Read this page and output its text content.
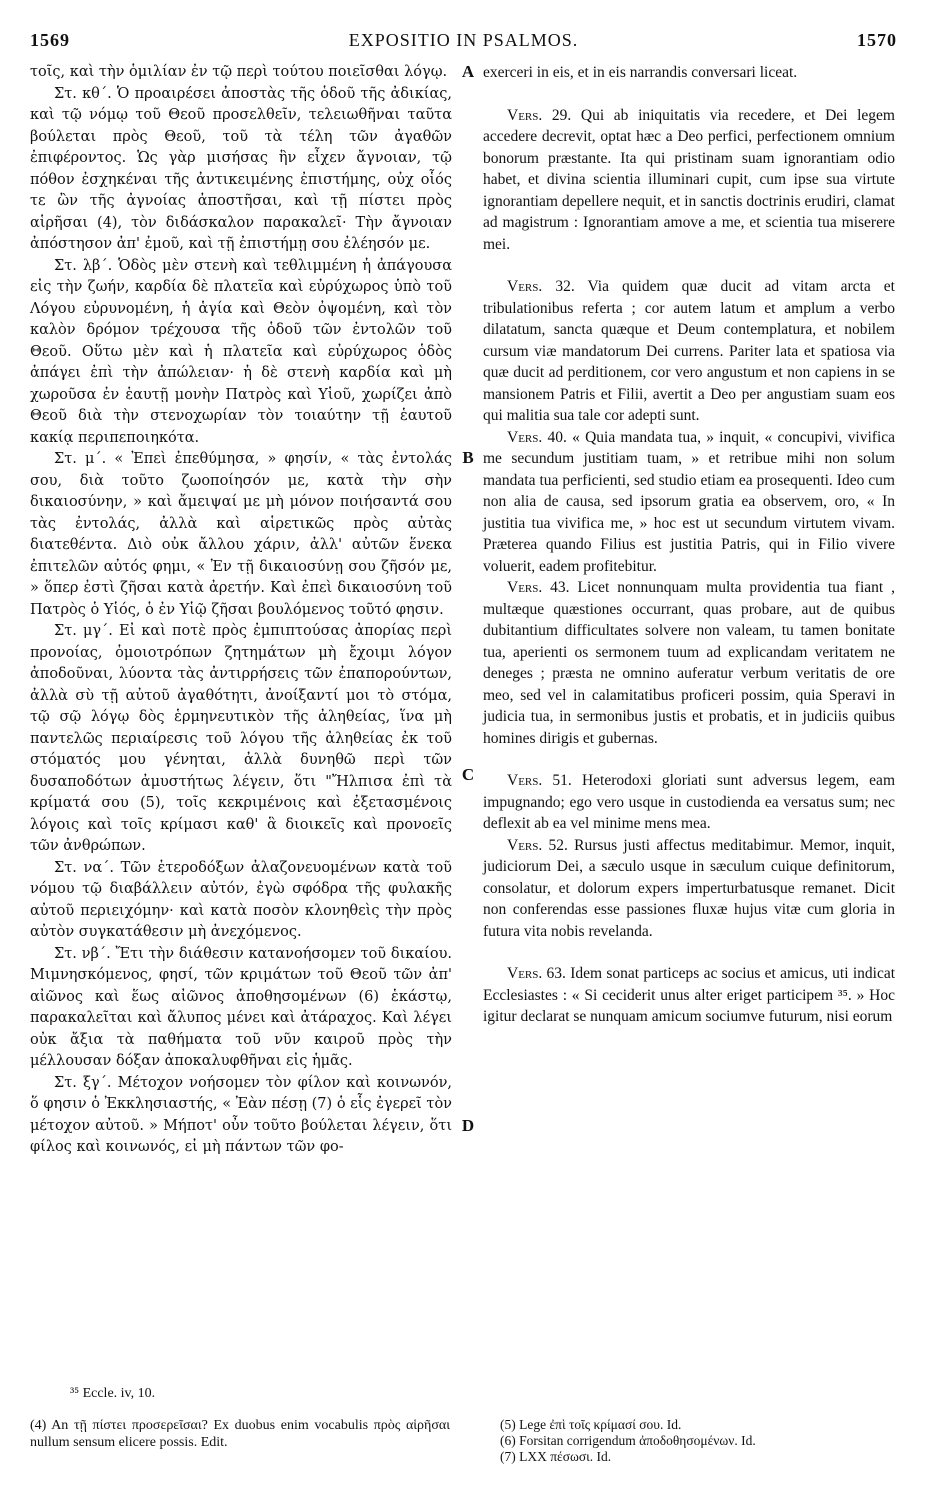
1569	EXPOSITIO IN PSALMOS.	1570

τοῖς, καὶ τὴν ὁμιλίαν ἐν τῷ περὶ τούτου ποιεῖσθαι λόγῳ.

Στ. κθ΄. Ὁ προαιρέσει ἀποστὰς τῆς ὁδοῦ τῆς ἀδικίας, καὶ τῷ νόμῳ τοῦ Θεοῦ προσελθεῖν, τελειωθῆναι ταῦτα βούλεται πρὸς Θεοῦ, τοῦ τὰ τέλη τῶν ἀγαθῶν ἐπιφέροντος. Ὡς γὰρ μισήσας ἣν εἶχεν ἄγνοιαν, τῷ πόθον ἐσχηκέναι τῆς ἀντικειμένης ἐπιστήμης, οὐχ οἷός τε ὢν τῆς ἀγνοίας ἀποστῆσαι, καὶ τῇ πίστει πρὸς αἱρῆσαι (4), τὸν διδάσκαλον παρακαλεῖ· Τὴν ἄγνοιαν ἀπόστησον ἀπ' ἐμοῦ, καὶ τῇ ἐπιστήμῃ σου ἐλέησόν με.

Στ. λβ΄. Ὁδὸς μὲν στενὴ καὶ τεθλιμμένη ἡ ἀπάγουσα εἰς τὴν ζωήν, καρδία δὲ πλατεῖα καὶ εὐρύχωρος ὑπὸ τοῦ Λόγου εὐρυνομένη, ἡ ἁγία καὶ Θεὸν ὀψομένη, καὶ τὸν καλὸν δρόμον τρέχουσα τῆς ὁδοῦ τῶν ἐντολῶν τοῦ Θεοῦ. Οὕτω μὲν καὶ ἡ πλατεῖα καὶ εὐρύχωρος ὁδὸς ἀπάγει ἐπὶ τὴν ἀπώλειαν· ἡ δὲ στενὴ καρδία καὶ μὴ χωροῦσα ἐν ἑαυτῇ μονὴν Πατρὸς καὶ Υἱοῦ, χωρίζει ἀπὸ Θεοῦ διὰ τὴν στενοχωρίαν τὸν τοιαύτην τῇ ἑαυτοῦ κακίᾳ περιπεποιηκότα.

Στ. μ΄. « Ἐπεὶ ἐπεθύμησα, » φησίν, « τὰς ἐντολάς σου, διὰ τοῦτο ζωοποίησόν με, κατὰ τὴν σὴν δικαιοσύνην, » καὶ ἄμειψαί με μὴ μόνον ποιήσαντά σου τὰς ἐντολάς, ἀλλὰ καὶ αἱρετικῶς πρὸς αὐτὰς διατεθέντα. Διὸ οὐκ ἄλλου χάριν, ἀλλ' αὐτῶν ἕνεκα ἐπιτελῶν αὐτός φημι, « Ἐν τῇ δικαιοσύνῃ σου ζῆσόν με, » ὅπερ ἐστὶ ζῆσαι κατὰ ἀρετήν. Καὶ ἐπεὶ δικαιοσύνη τοῦ Πατρὸς ὁ Υἱός, ὁ ἐν Υἱῷ ζῆσαι βουλόμενος τοῦτό φησιν.

Στ. μγ΄. Εἰ καὶ ποτὲ πρὸς ἐμπιπτούσας ἀπορίας περὶ προνοίας, ὁμοιοτρόπων ζητημάτων μὴ ἔχοιμι λόγον ἀποδοῦναι, λύοντα τὰς ἀντιρρήσεις τῶν ἐπαπορούντων, ἀλλὰ σὺ τῇ αὐτοῦ ἀγαθότητι, ἀνοίξαντί μοι τὸ στόμα, τῷ σῷ λόγῳ δὸς ἑρμηνευτικὸν τῆς ἀληθείας, ἵνα μὴ παντελῶς περιαίρεσις τοῦ λόγου τῆς ἀληθείας ἐκ τοῦ στόματός μου γένηται, ἀλλὰ δυνηθῶ περὶ τῶν δυσαποδότων ἀμυστήτως λέγειν, ὅτι "Ἤλπισα ἐπὶ τὰ κρίματά σου (5), τοῖς κεκριμένοις καὶ ἐξετασμένοις λόγοις καὶ τοῖς κρίμασι καθ' ἃ διοικεῖς καὶ προνοεῖς τῶν ἀνθρώπων.

Στ. να΄. Τῶν ἑτεροδόξων ἀλαζονευομένων κατὰ τοῦ νόμου τῷ διαβάλλειν αὐτόν, ἐγὼ σφόδρα τῆς φυλακῆς αὐτοῦ περιειχόμην· καὶ κατὰ ποσὸν κλονηθεὶς τὴν πρὸς αὐτὸν συγκατάθεσιν μὴ ἀνεχόμενος.

Στ. νβ΄. Ἔτι τὴν διάθεσιν κατανοήσομεν τοῦ δικαίου. Μιμνησκόμενος, φησί, τῶν κριμάτων τοῦ Θεοῦ τῶν ἀπ' αἰῶνος καὶ ἕως αἰῶνος ἀποθησομένων (6) ἑκάστῳ, παρακαλεῖται καὶ ἄλυπος μένει καὶ ἀτάραχος. Καὶ λέγει οὐκ ἄξια τὰ παθήματα τοῦ νῦν καιροῦ πρὸς τὴν μέλλουσαν δόξαν ἀποκαλυφθῆναι εἰς ἡμᾶς.

Στ. ξγ΄. Μέτοχον νοήσομεν τὸν φίλον καὶ κοινωνόν, ὅ φησιν ὁ Ἐκκλησιαστής, « Ἐὰν πέσῃ (7) ὁ εἷς ἐγερεῖ τὸν μέτοχον αὐτοῦ. » Μήποτ' οὖν τοῦτο βούλεται λέγειν, ὅτι φίλος καὶ κοινωνός, εἰ μὴ πάντων τῶν φο-

A
B
C
D

exerceri in eis, et in eis narrandis conversari liceat.

Vers. 29. Qui ab iniquitatis via recedere, et Dei legem accedere decrevit, optat hæc a Deo perfici, perfectionem omnium bonorum præstante. Ita qui pristinam suam ignorantiam odio habet, et divina scientia illuminari cupit, cum ipse sua virtute ignorantiam depellere nequit, et in sanctis doctrinis erudiri, clamat ad magistrum : Ignorantiam amove a me, et scientia tua miserere mei.

Vers. 32. Via quidem quæ ducit ad vitam arcta et tribulationibus referta ; cor autem latum et amplum a verbo dilatatum, sancta quæque et Deum contemplatura, et nobilem cursum viæ mandatorum Dei currens. Pariter lata et spatiosa via quæ ducit ad perditionem, cor vero angustum et non capiens in se mansionem Patris et Filii, avertit a Deo per angustiam suam eos qui malitia sua tale cor adepti sunt.

Vers. 40. « Quia mandata tua, » inquit, « concupivi, vivifica me secundum justitiam tuam, » et retribue mihi non solum mandata tua perficienti, sed studio etiam ea prosequenti. Ideo cum non alia de causa, sed ipsorum gratia ea observem, oro, « In justitia tua vivifica me, » hoc est ut secundum virtutem vivam. Præterea quando Filius est justitia Patris, qui in Filio vivere voluerit, eadem profitebitur.

Vers. 43. Licet nonnunquam multa providentia tua fiant , multæque quæstiones occurrant, quas probare, aut de quibus dubitantium difficultates solvere non valeam, tu tamen bonitate tua, aperienti os sermonem tuum ad explicandam veritatem ne deneges ; præsta ne omnino auferatur verbum veritatis de ore meo, sed vel in calamitatibus proficeri possim, quia Speravi in judicia tua, in sermonibus justis et probatis, et in judiciis quibus homines dirigis et gubernas.

Vers. 51. Heterodoxi gloriati sunt adversus legem, eam impugnando; ego vero usque in custodienda ea versatus sum; nec deflexit ab ea vel minime mens mea.

Vers. 52. Rursus justi affectus meditabimur. Memor, inquit, judiciorum Dei, a sæculo usque in sæculum cuique definitorum, consolatur, et dolorum expers imperturbatusque remanet. Dicit non conferendas esse passiones fluxæ hujus vitæ cum gloria in futura vita nobis revelanda.

Vers. 63. Idem sonat particeps ac socius et amicus, uti indicat Ecclesiastes : « Si ceciderit unus alter eriget participem ³⁵. » Hoc igitur declarat se nunquam amicum sociumve futurum, nisi eorum

³⁵ Eccle. iv, 10.
(4) An τῇ πίστει προσερεῖσαι? Ex duobus enim vocabulis πρὸς αἱρῆσαι nullum sensum elicere possis. Edit.
(5) Lege ἐπὶ τοῖς κρίμασί σου. Id.
(6) Forsitan corrigendum ἀποδοθησομένων. Id.
(7) LXX πέσωσι. Id.
